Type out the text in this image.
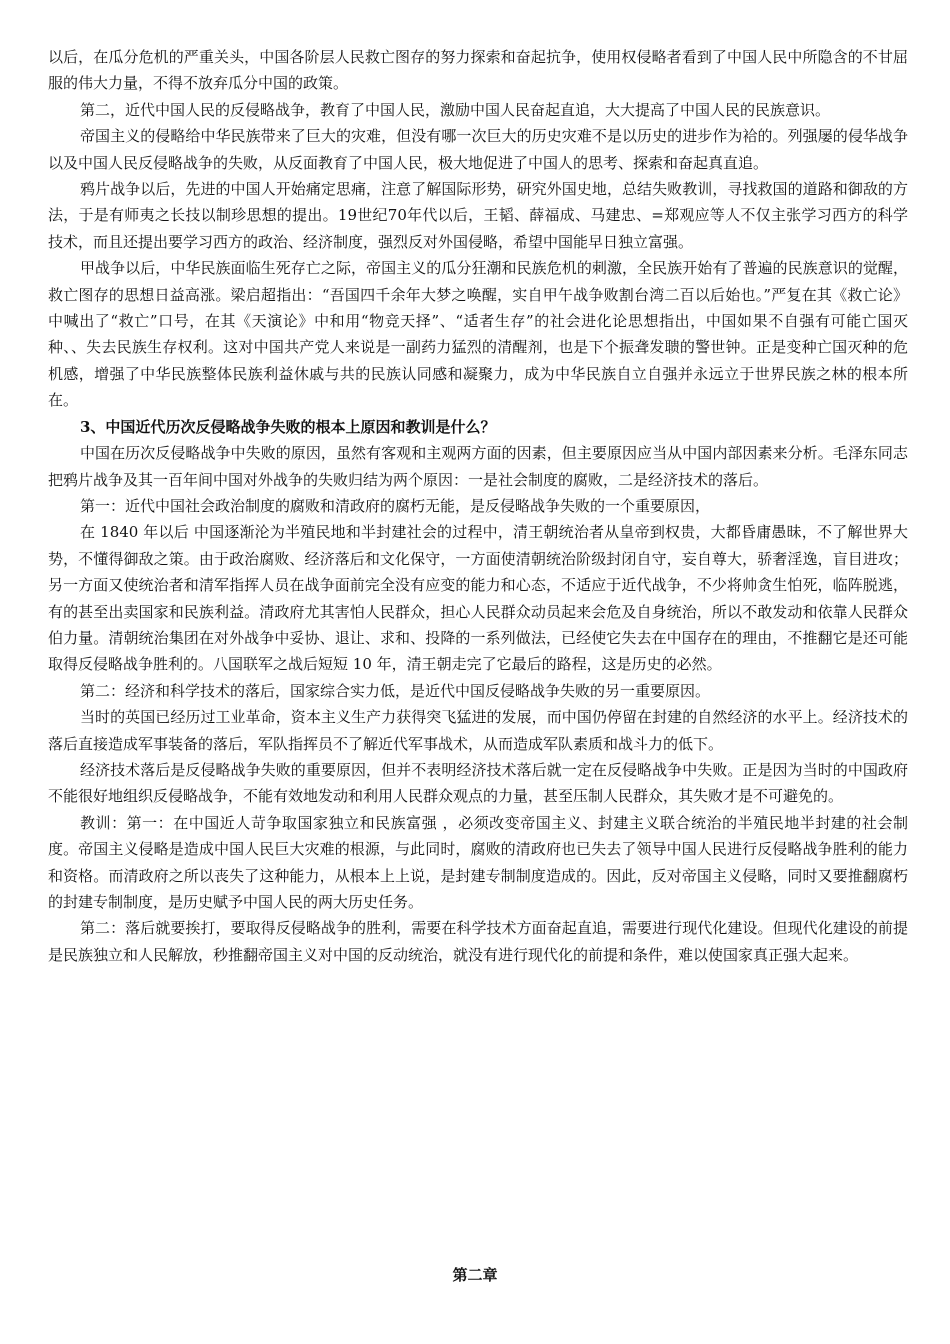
以后，在瓜分危机的严重关头，中国各阶层人民救亡图存的努力探索和奋起抗争，使用权侵略者看到了中国人民中所隐含的不甘屈服的伟大力量，不得不放弃瓜分中国的政策。

第二，近代中国人民的反侵略战争，教育了中国人民，激励中国人民奋起直追，大大提高了中国人民的民族意识。

帝国主义的侵略给中华民族带来了巨大的灾难，但没有哪一次巨大的历史灾难不是以历史的进步作为袷的。列强屡的侵华战争以及中国人民反侵略战争的失败，从反面教育了中国人民，极大地促进了中国人的思考、探索和奋起真直追。

鸦片战争以后，先进的中国人开始痛定思痛，注意了解国际形势，研究外国史地，总结失败教训，寻找救国的道路和御敌的方法，于是有师夷之长技以制珍思想的提出。19世纪70年代以后，王韬、薛福成、马建忠、=郑观应等人不仅主张学习西方的科学技术，而且还提出要学习西方的政治、经济制度，强烈反对外国侵略，希望中国能早日独立富强。

甲战争以后，中华民族面临生死存亡之际，帝国主义的瓜分狂潮和民族危机的刺激，全民族开始有了普遍的民族意识的觉醒，救亡图存的思想日益高涨。梁启超指出：“吾国四千余年大梦之唤醒，实自甲午战争败割台湾二百以后始也。”严复在其《救亡论》中喊出了“救亡”口号，在其《天演论》中和用“物竞天择”、“适者生存”的社会进化论思想指出，中国如果不自强有可能亡国灭种、、失去民族生存权利。这对中国共产党人来说是一副药力猛烈的清醒剂，也是下个振聋发聩的警世钟。正是变种亡国灭种的危机感，增强了中华民族整体民族利益休戚与共的民族认同感和凝聚力，成为中华民族自立自强并永远立于世界民族之林的根本所在。

3、中国近代历次反侵略战争失败的根本上原因和教训是什么？

中国在历次反侵略战争中失败的原因，虽然有客观和主观两方面的因素，但主要原因应当从中国内部因素来分析。毛泽东同志把鸦片战争及其一百年间中国对外战争的失败归结为两个原因：一是社会制度的腐败，二是经济技术的落后。

第一：近代中国社会政治制度的腐败和清政府的腐朽无能，是反侵略战争失败的一个重要原因，

在 1840 年以后 中国逐渐沦为半殖民地和半封建社会的过程中，清王朝统治者从皇帝到权贵，大都昏庸愚昧，不了解世界大势，不懂得御敌之策。由于政治腐败、经济落后和文化保守，一方面使清朝统治阶级封闭自守，妄自尊大，骄奢淫逸，盲目进攻；另一方面又使统治者和清军指挥人员在战争面前完全没有应变的能力和心态，不适应于近代战争，不少将帅贪生怕死，临阵脱逃，有的甚至出卖国家和民族利益。清政府尤其害怕人民群众，担心人民群众动员起来会危及自身统治，所以不敢发动和依靠人民群众伯力量。清朝统治集团在对外战争中妥协、退让、求和、投降的一系列做法，已经使它失去在中国存在的理由，不推翻它是还可能取得反侵略战争胜利的。八国联军之战后短短 10 年，清王朝走完了它最后的路程，这是历史的必然。

第二：经济和科学技术的落后，国家综合实力低，是近代中国反侵略战争失败的另一重要原因。

当时的英国已经历过工业革命，资本主义生产力获得突飞猛进的发展，而中国仍停留在封建的自然经济的水平上。经济技术的落后直接造成军事装备的落后，军队指挥员不了解近代军事战术，从而造成军队素质和战斗力的低下。

经济技术落后是反侵略战争失败的重要原因，但并不表明经济技术落后就一定在反侵略战争中失败。正是因为当时的中国政府不能很好地组织反侵略战争，不能有效地发动和利用人民群众观点的力量，甚至压制人民群众，其失败才是不可避免的。

教训：第一：在中国近人苛争取国家独立和民族富强 ，必须改变帝国主义、封建主义联合统治的半殖民地半封建的社会制度。帝国主义侵略是造成中国人民巨大灾难的根源，与此同时，腐败的清政府也已失去了领导中国人民进行反侵略战争胜利的能力和资格。而清政府之所以丧失了这种能力，从根本上上说，是封建专制制度造成的。因此，反对帝国主义侵略，同时又要推翻腐朽的封建专制制度，是历史赋予中国人民的两大历史任务。

第二：落后就要挨打，要取得反侵略战争的胜利，需要在科学技术方面奋起直追，需要进行现代化建设。但现代化建设的前提是民族独立和人民解放，秒推翻帝国主义对中国的反动统治，就没有进行现代化的前提和条件，难以使国家真正强大起来。

第二章
